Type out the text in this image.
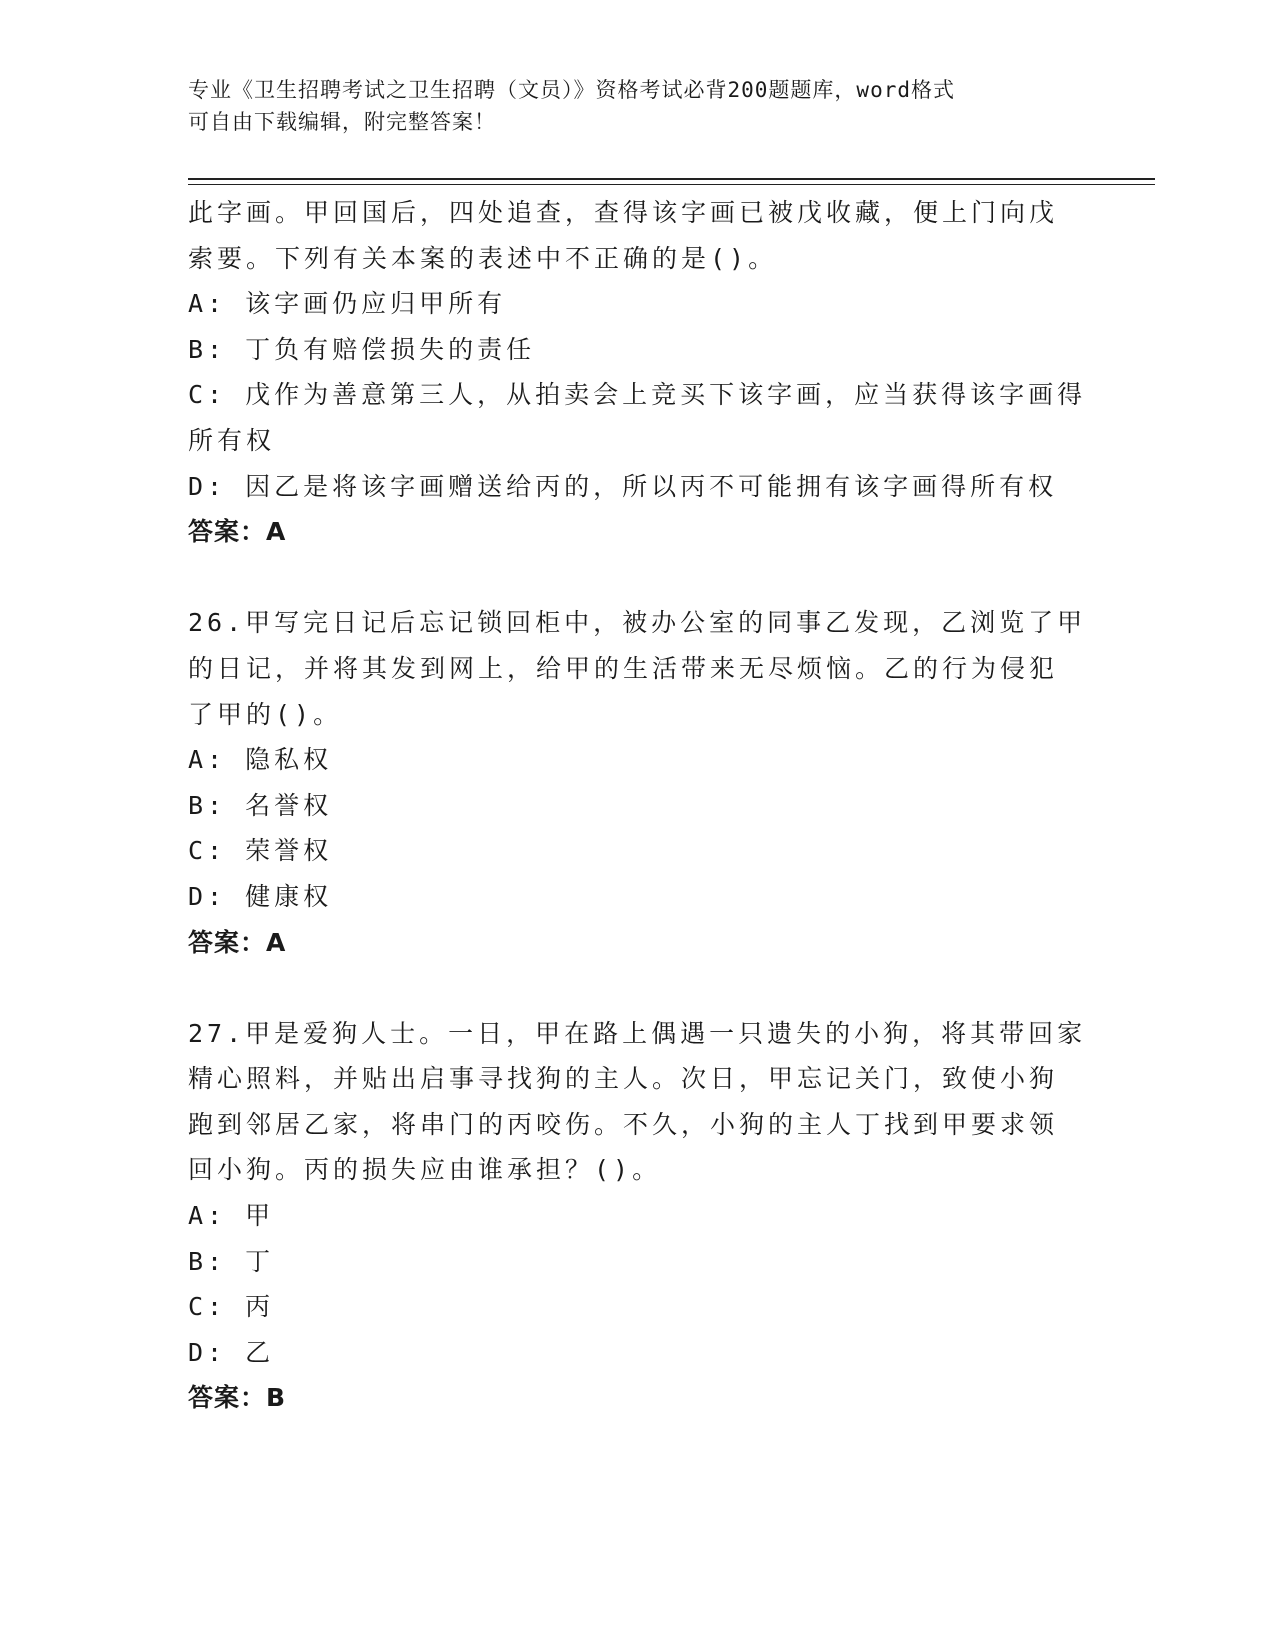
专业《卫生招聘考试之卫生招聘（文员）》资格考试必背200题题库，word格式
可自由下载编辑，附完整答案！
此字画。甲回国后，四处追查，查得该字画已被戊收藏，便上门向戊
索要。下列有关本案的表述中不正确的是()。
A: 该字画仍应归甲所有
B: 丁负有赔偿损失的责任
C: 戊作为善意第三人，从拍卖会上竞买下该字画，应当获得该字画得
所有权
D: 因乙是将该字画赠送给丙的，所以丙不可能拥有该字画得所有权
答案：A
26.甲写完日记后忘记锁回柜中，被办公室的同事乙发现，乙浏览了甲
的日记，并将其发到网上，给甲的生活带来无尽烦恼。乙的行为侵犯
了甲的()。
A: 隐私权
B: 名誉权
C: 荣誉权
D: 健康权
答案：A
27.甲是爱狗人士。一日，甲在路上偶遇一只遗失的小狗，将其带回家
精心照料，并贴出启事寻找狗的主人。次日，甲忘记关门，致使小狗
跑到邻居乙家，将串门的丙咬伤。不久，小狗的主人丁找到甲要求领
回小狗。丙的损失应由谁承担？()。
A: 甲
B: 丁
C: 丙
D: 乙
答案：B
